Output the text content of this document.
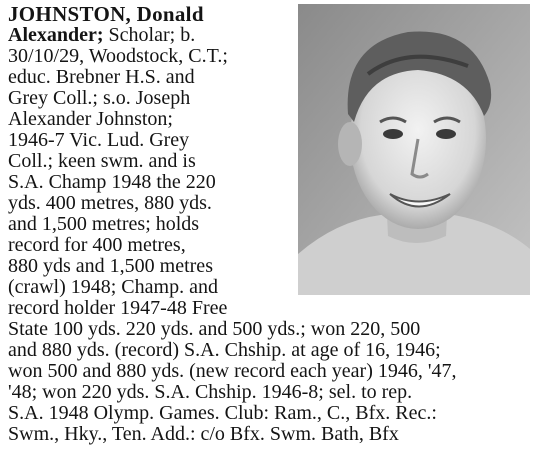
JOHNSTON, Donald
Alexander; Scholar; b.
30/10/29, Woodstock, C.T.;
educ. Brebner H.S. and
Grey Coll.; s.o. Joseph
Alexander Johnston;
1946-7 Vic. Lud. Grey
Coll.; keen swm. and is
S.A. Champ 1948 the 220
yds. 400 metres, 880 yds.
and 1,500 metres; holds
record for 400 metres,
880 yds and 1,500 metres
(crawl) 1948; Champ. and
record holder 1947-48 Free
State 100 yds. 220 yds. and 500 yds.; won 220, 500
and 880 yds. (record) S.A. Chship. at age of 16, 1946;
won 500 and 880 yds. (new record each year) 1946, '47,
'48; won 220 yds. S.A. Chship. 1946-8; sel. to rep.
S.A. 1948 Olymp. Games. Club: Ram., C., Bfx. Rec.:
Swm., Hky., Ten. Add.: c/o Bfx. Swm. Bath, Bfx
